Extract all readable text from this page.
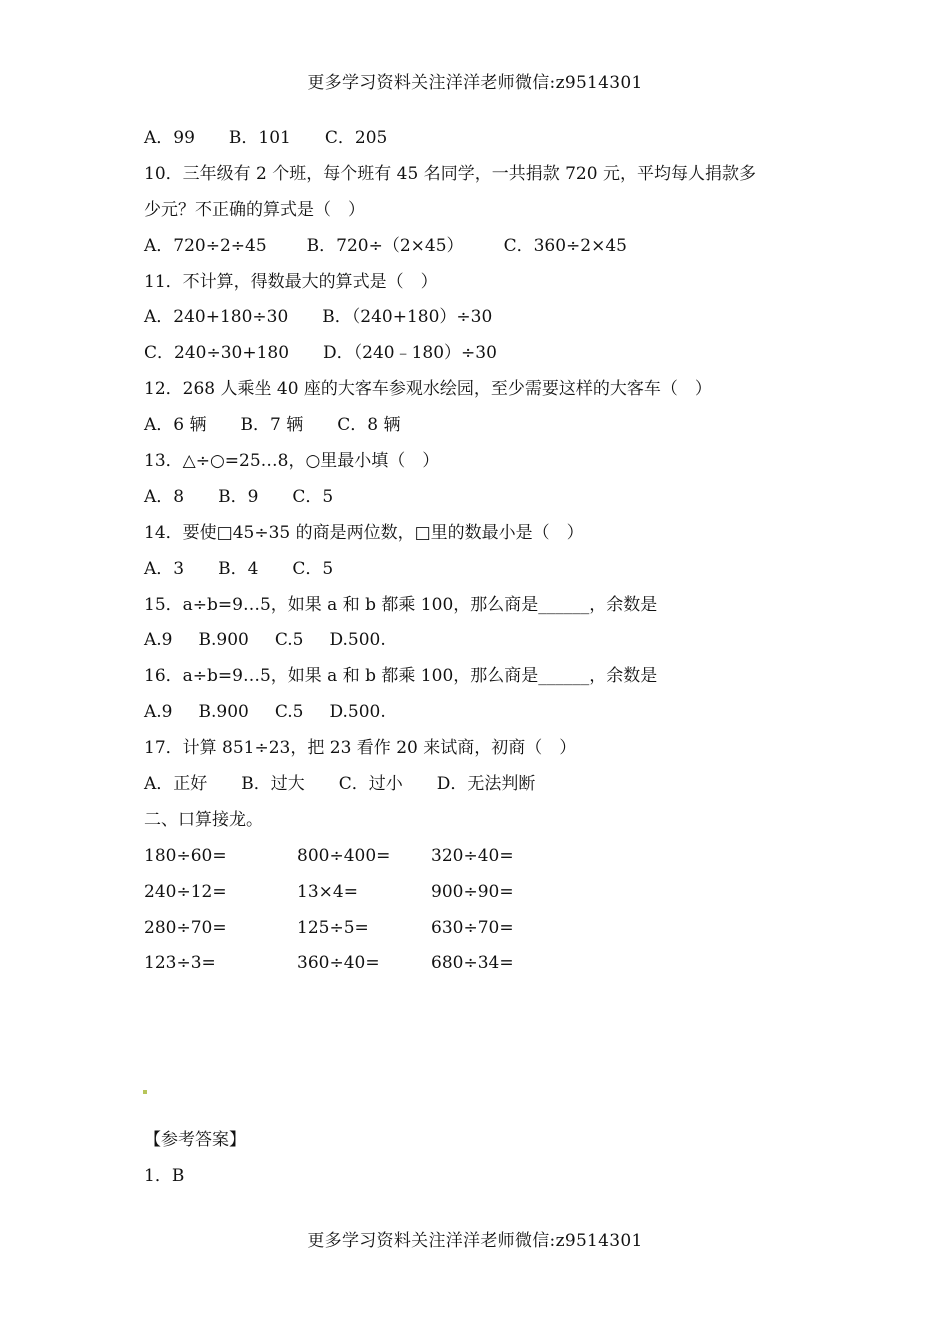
更多学习资料关注洋洋老师微信:z9514301
A．99 B．101 C．205
10．三年级有 2 个班，每个班有 45 名同学，一共捐款 720 元，平均每人捐款多
少元？不正确的算式是（　）
A．720÷2÷45 B．720÷（2×45） C．360÷2×45
11．不计算，得数最大的算式是（　）
A．240+180÷30 B．（240+180）÷30
C．240÷30+180 D．（240﹣180）÷30
12．268 人乘坐 40 座的大客车参观水绘园，至少需要这样的大客车（　）
A．6 辆 B．7 辆 C．8 辆
13．△÷○=25…8，○里最小填（　）
A．8 B．9 C．5
14．要使□45÷35 的商是两位数，□里的数最小是（　）
A．3 B．4 C．5
15．a÷b=9…5，如果 a 和 b 都乘 100，那么商是______，余数是
A.9 B.900 C.5 D.500.
16．a÷b=9…5，如果 a 和 b 都乘 100，那么商是______，余数是
A.9 B.900 C.5 D.500.
17．计算 851÷23，把 23 看作 20 来试商，初商（　）
A．正好 B．过大 C．过小 D．无法判断
二、口算接龙。
180÷60=	800÷400= 320÷40=
240÷12=	13×4=	900÷90=
280÷70=	125÷5=	630÷70=
123÷3=	360÷40=	680÷34=
【参考答案】
1．B
更多学习资料关注洋洋老师微信:z9514301
